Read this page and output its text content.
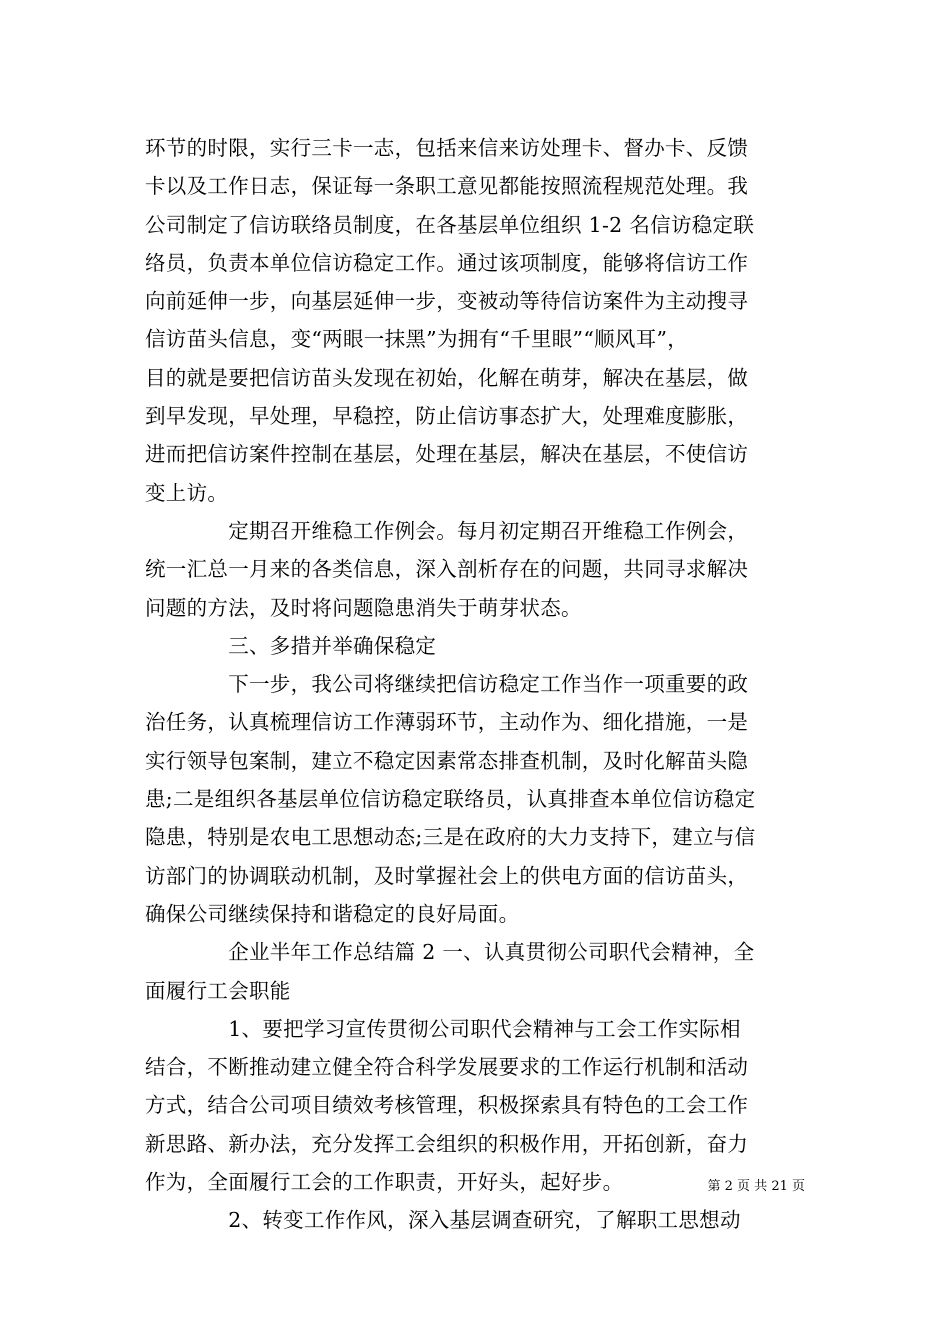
环节的时限，实行三卡一志，包括来信来访处理卡、督办卡、反馈
卡以及工作日志，保证每一条职工意见都能按照流程规范处理。我
公司制定了信访联络员制度，在各基层单位组织 1-2 名信访稳定联
络员，负责本单位信访稳定工作。通过该项制度，能够将信访工作
向前延伸一步，向基层延伸一步，变被动等待信访案件为主动搜寻
信访苗头信息，变“两眼一抹黑”为拥有“千里眼”“顺风耳”，
目的就是要把信访苗头发现在初始，化解在萌芽，解决在基层，做
到早发现，早处理，早稳控，防止信访事态扩大，处理难度膨胀，
进而把信访案件控制在基层，处理在基层，解决在基层，不使信访
变上访。
　　　　定期召开维稳工作例会。每月初定期召开维稳工作例会，
统一汇总一月来的各类信息，深入剖析存在的问题，共同寻求解决
问题的方法，及时将问题隐患消失于萌芽状态。
　　　　三、多措并举确保稳定
　　　　下一步，我公司将继续把信访稳定工作当作一项重要的政
治任务，认真梳理信访工作薄弱环节，主动作为、细化措施，一是
实行领导包案制，建立不稳定因素常态排查机制，及时化解苗头隐
患;二是组织各基层单位信访稳定联络员，认真排查本单位信访稳定
隐患，特别是农电工思想动态;三是在政府的大力支持下，建立与信
访部门的协调联动机制，及时掌握社会上的供电方面的信访苗头，
确保公司继续保持和谐稳定的良好局面。
　　　　企业半年工作总结篇 2 一、认真贯彻公司职代会精神，全
面履行工会职能
　　　　1、要把学习宣传贯彻公司职代会精神与工会工作实际相
结合，不断推动建立健全符合科学发展要求的工作运行机制和活动
方式，结合公司项目绩效考核管理，积极探索具有特色的工会工作
新思路、新办法，充分发挥工会组织的积极作用，开拓创新，奋力
作为，全面履行工会的工作职责，开好头，起好步。
　　　　2、转变工作作风，深入基层调查研究，了解职工思想动
第 2 页 共 21 页
